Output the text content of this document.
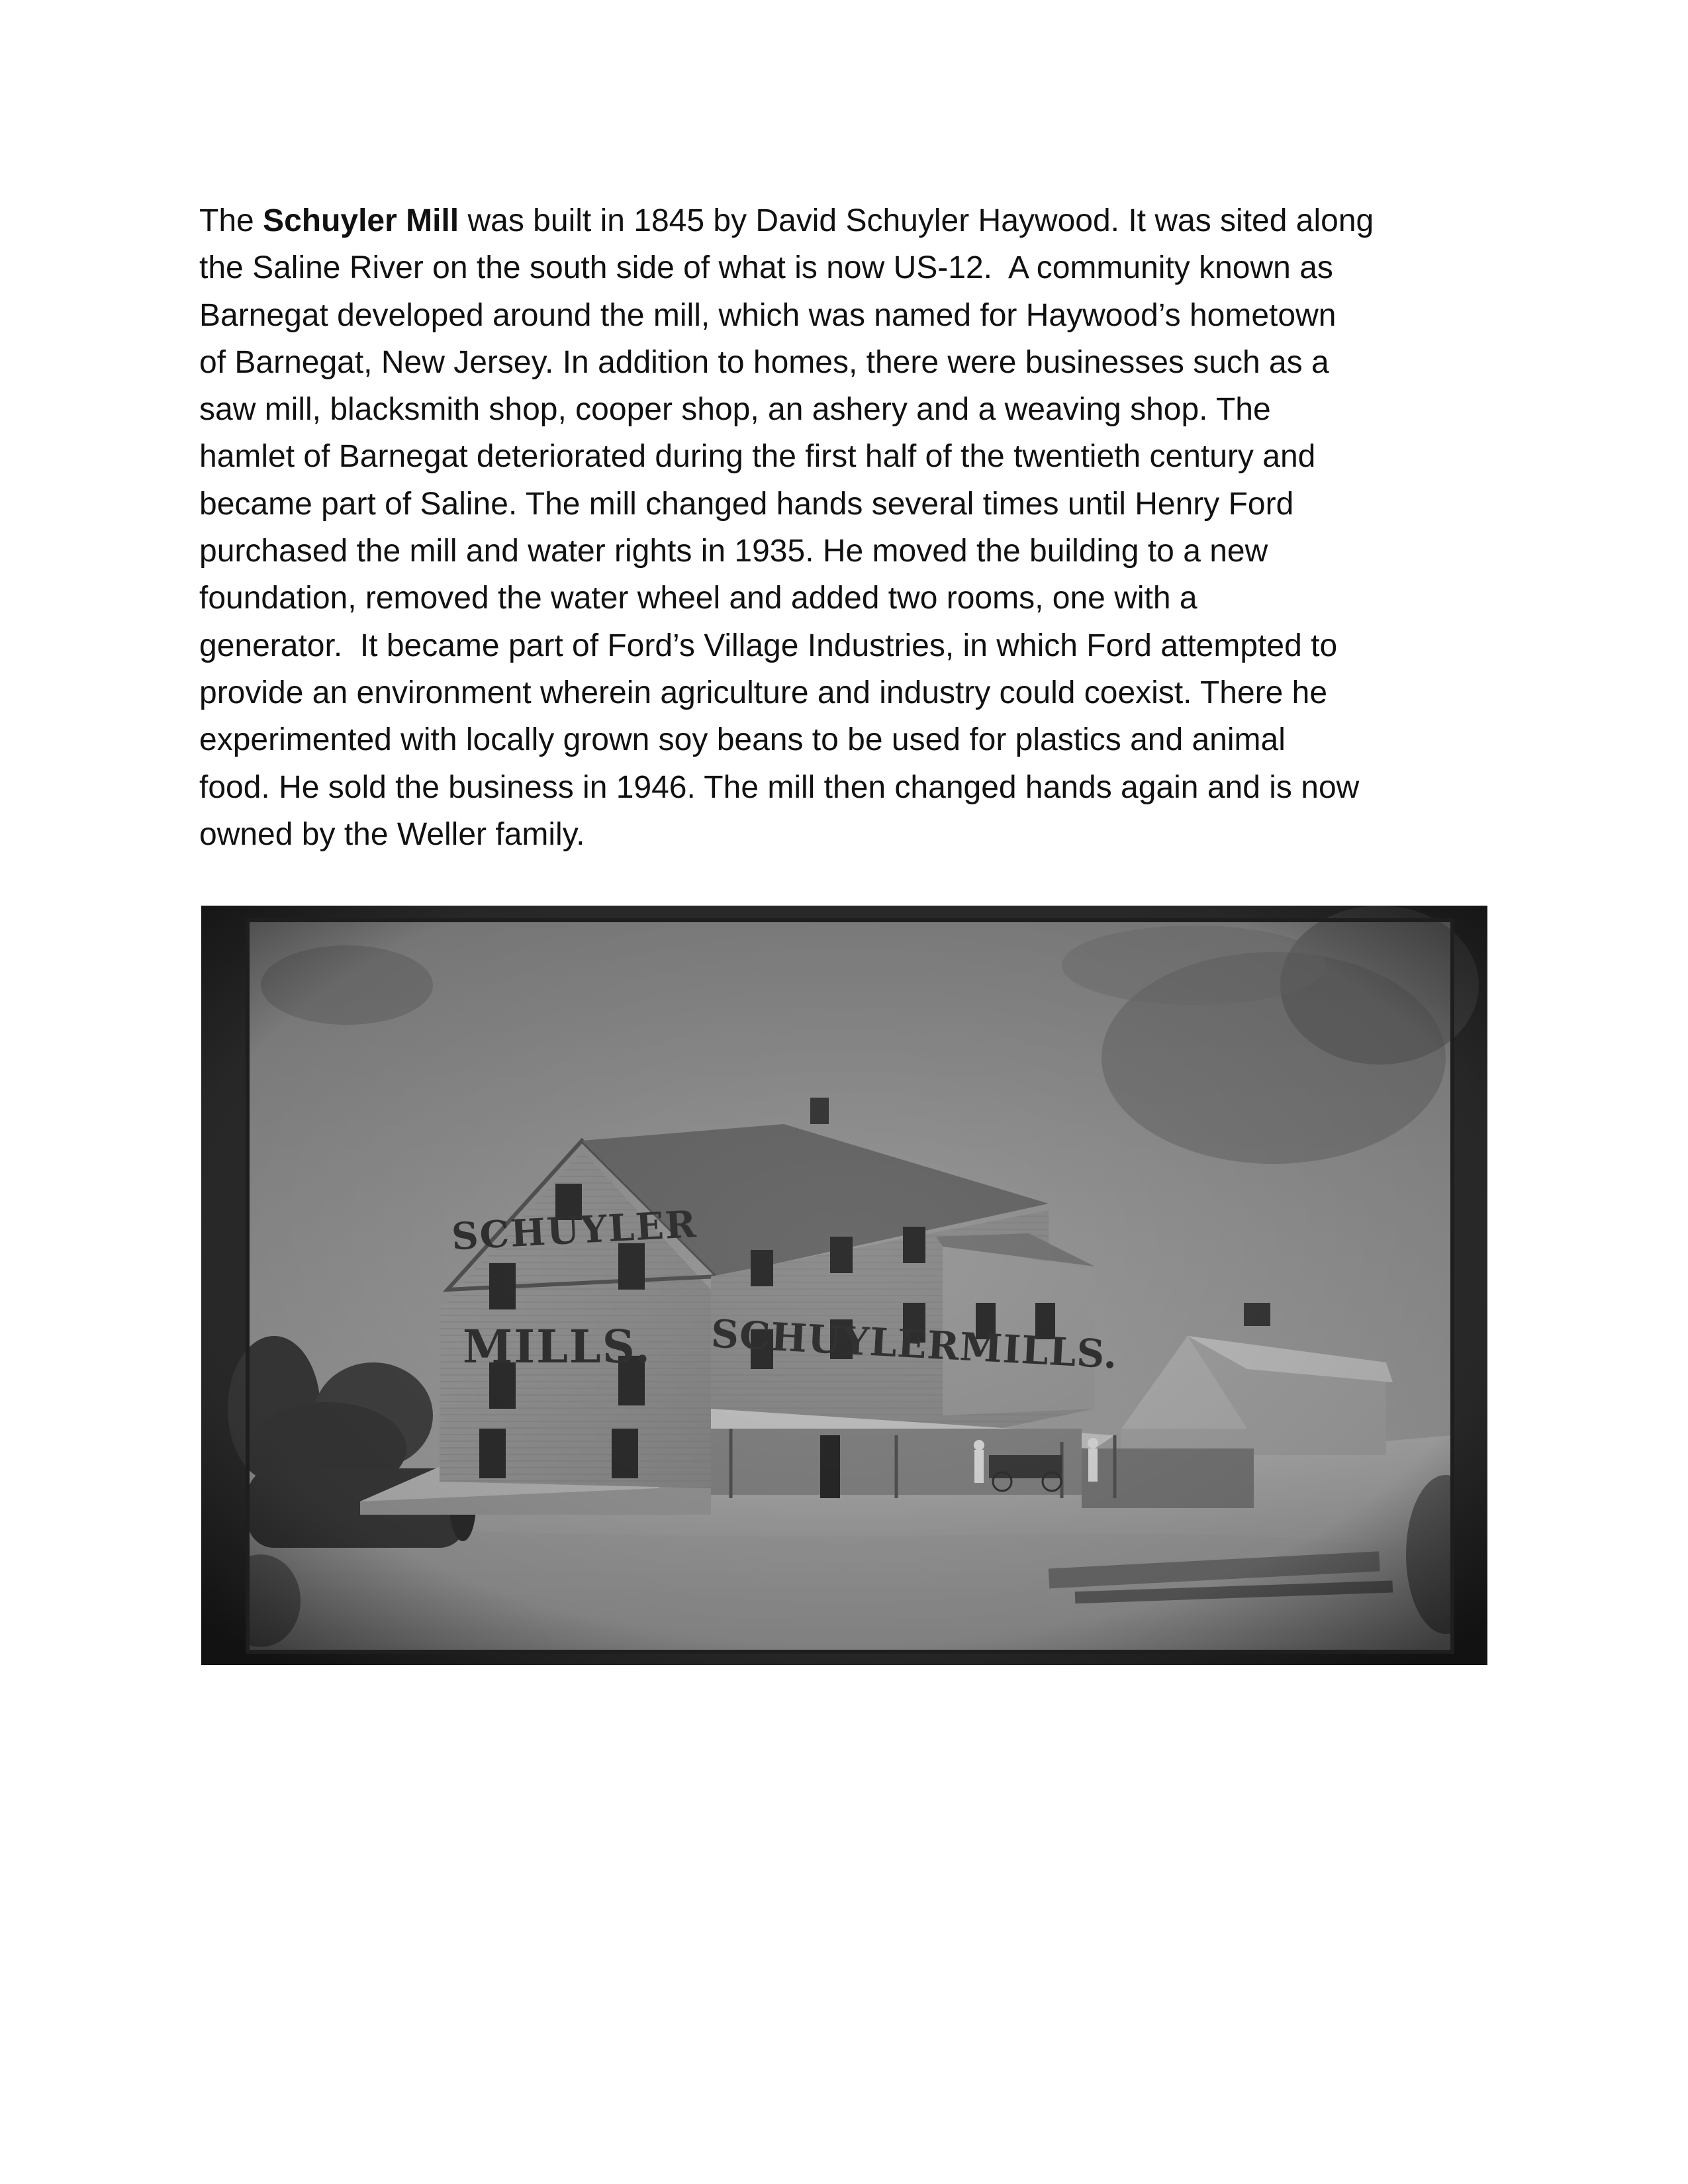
The Schuyler Mill was built in 1845 by David Schuyler Haywood. It was sited along
the Saline River on the south side of what is now US-12.  A community known as
Barnegat developed around the mill, which was named for Haywood’s hometown
of Barnegat, New Jersey. In addition to homes, there were businesses such as a
saw mill, blacksmith shop, cooper shop, an ashery and a weaving shop. The
hamlet of Barnegat deteriorated during the first half of the twentieth century and
became part of Saline. The mill changed hands several times until Henry Ford
purchased the mill and water rights in 1935. He moved the building to a new
foundation, removed the water wheel and added two rooms, one with a
generator.  It became part of Ford’s Village Industries, in which Ford attempted to
provide an environment wherein agriculture and industry could coexist. There he
experimented with locally grown soy beans to be used for plastics and animal
food. He sold the business in 1946. The mill then changed hands again and is now
owned by the Weller family.
